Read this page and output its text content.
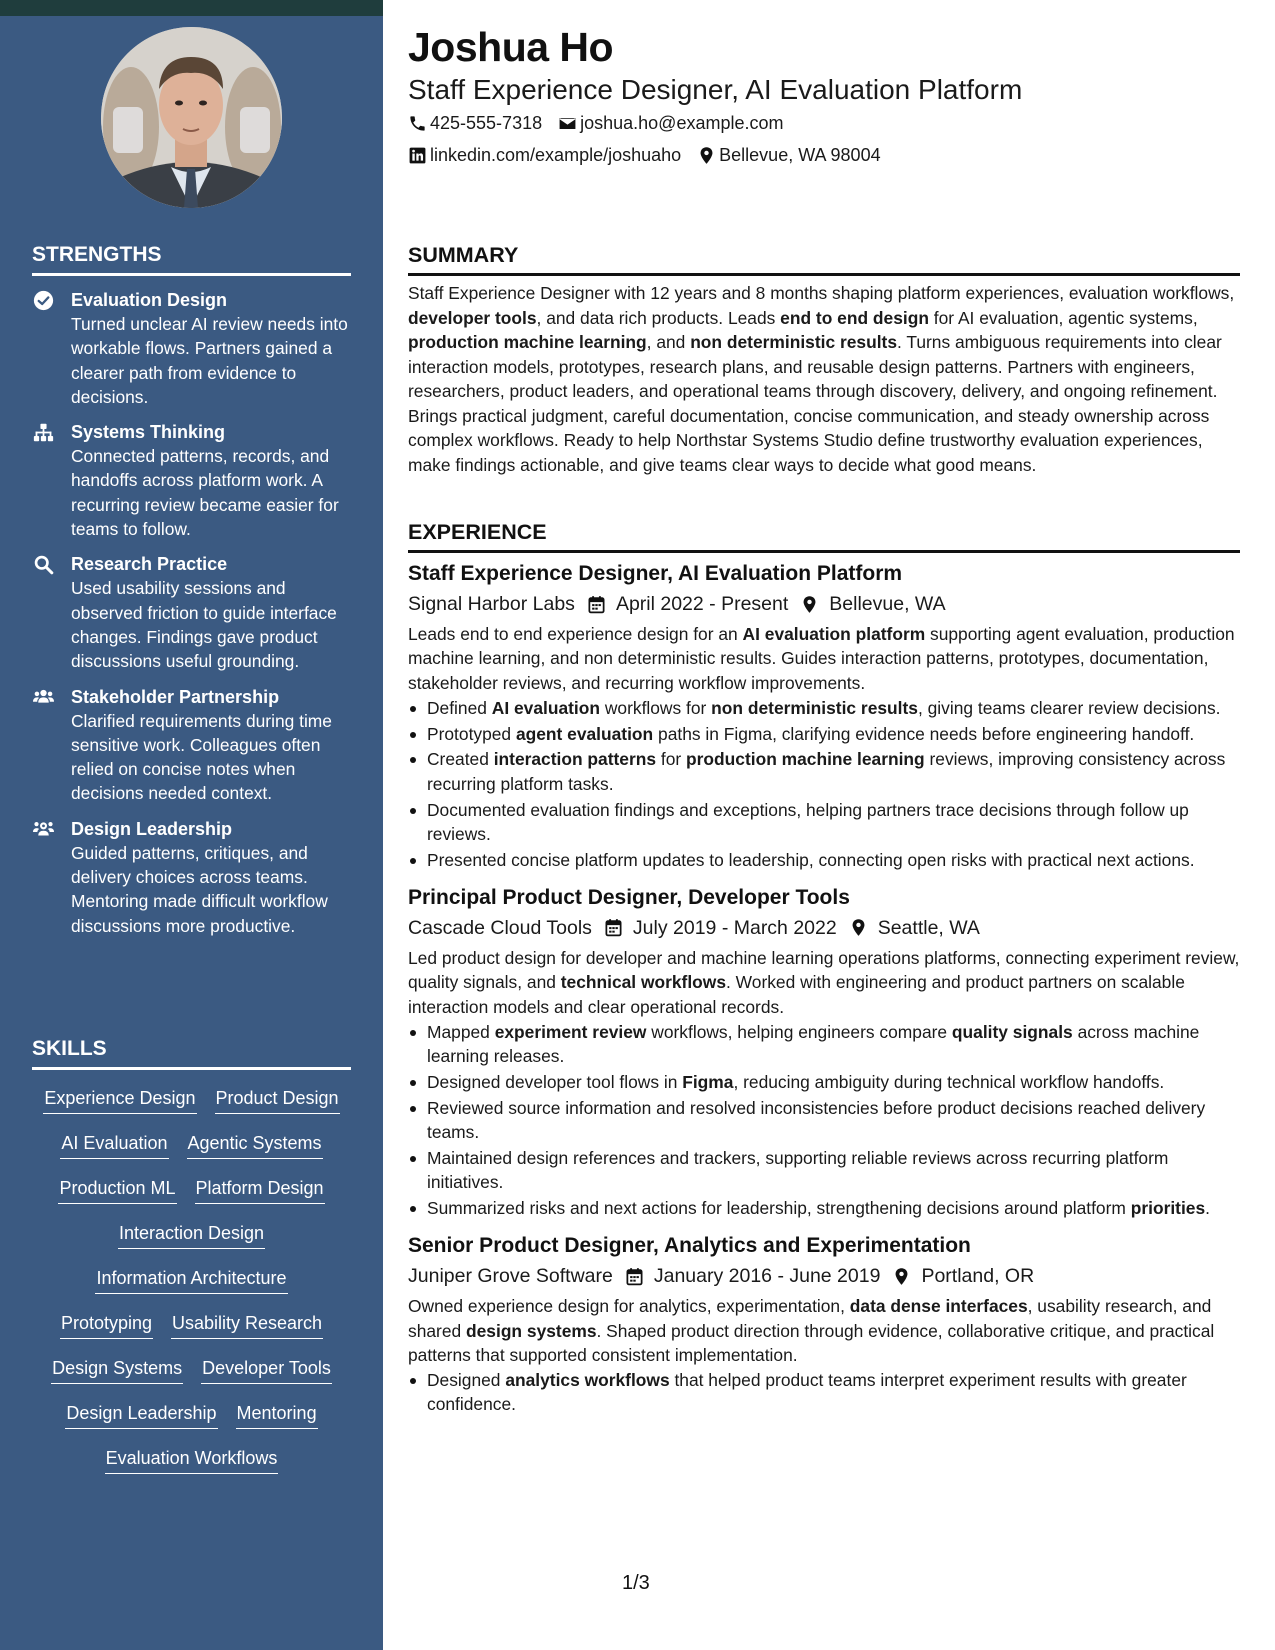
STRENGTHS
Evaluation Design
Turned unclear AI review needs into workable flows. Partners gained a clearer path from evidence to decisions.
Systems Thinking
Connected patterns, records, and handoffs across platform work. A recurring review became easier for teams to follow.
Research Practice
Used usability sessions and observed friction to guide interface changes. Findings gave product discussions useful grounding.
Stakeholder Partnership
Clarified requirements during time sensitive work. Colleagues often relied on concise notes when decisions needed context.
Design Leadership
Guided patterns, critiques, and delivery choices across teams. Mentoring made difficult workflow discussions more productive.
SKILLS
Experience Design Product Design
AI Evaluation Agentic Systems
Production ML Platform Design
Interaction Design
Information Architecture
Prototyping Usability Research
Design Systems Developer Tools
Design Leadership Mentoring
Evaluation Workflows
Joshua Ho
Staff Experience Designer, AI Evaluation Platform
425-555-7318 joshua.ho@example.com
linkedin.com/example/joshuaho Bellevue, WA 98004
SUMMARY
Staff Experience Designer with 12 years and 8 months shaping platform experiences, evaluation workflows, developer tools, and data rich products. Leads end to end design for AI evaluation, agentic systems, production machine learning, and non deterministic results. Turns ambiguous requirements into clear interaction models, prototypes, research plans, and reusable design patterns. Partners with engineers, researchers, product leaders, and operational teams through discovery, delivery, and ongoing refinement. Brings practical judgment, careful documentation, concise communication, and steady ownership across complex workflows. Ready to help Northstar Systems Studio define trustworthy evaluation experiences, make findings actionable, and give teams clear ways to decide what good means.
EXPERIENCE
Staff Experience Designer, AI Evaluation Platform
Signal Harbor Labs April 2022 - Present Bellevue, WA
Leads end to end experience design for an AI evaluation platform supporting agent evaluation, production machine learning, and non deterministic results. Guides interaction patterns, prototypes, documentation, stakeholder reviews, and recurring workflow improvements.
Defined AI evaluation workflows for non deterministic results, giving teams clearer review decisions.
Prototyped agent evaluation paths in Figma, clarifying evidence needs before engineering handoff.
Created interaction patterns for production machine learning reviews, improving consistency across recurring platform tasks.
Documented evaluation findings and exceptions, helping partners trace decisions through follow up reviews.
Presented concise platform updates to leadership, connecting open risks with practical next actions.
Principal Product Designer, Developer Tools
Cascade Cloud Tools July 2019 - March 2022 Seattle, WA
Led product design for developer and machine learning operations platforms, connecting experiment review, quality signals, and technical workflows. Worked with engineering and product partners on scalable interaction models and clear operational records.
Mapped experiment review workflows, helping engineers compare quality signals across machine learning releases.
Designed developer tool flows in Figma, reducing ambiguity during technical workflow handoffs.
Reviewed source information and resolved inconsistencies before product decisions reached delivery teams.
Maintained design references and trackers, supporting reliable reviews across recurring platform initiatives.
Summarized risks and next actions for leadership, strengthening decisions around platform priorities.
Senior Product Designer, Analytics and Experimentation
Juniper Grove Software January 2016 - June 2019 Portland, OR
Owned experience design for analytics, experimentation, data dense interfaces, usability research, and shared design systems. Shaped product direction through evidence, collaborative critique, and practical patterns that supported consistent implementation.
Designed analytics workflows that helped product teams interpret experiment results with greater confidence.
1/3
